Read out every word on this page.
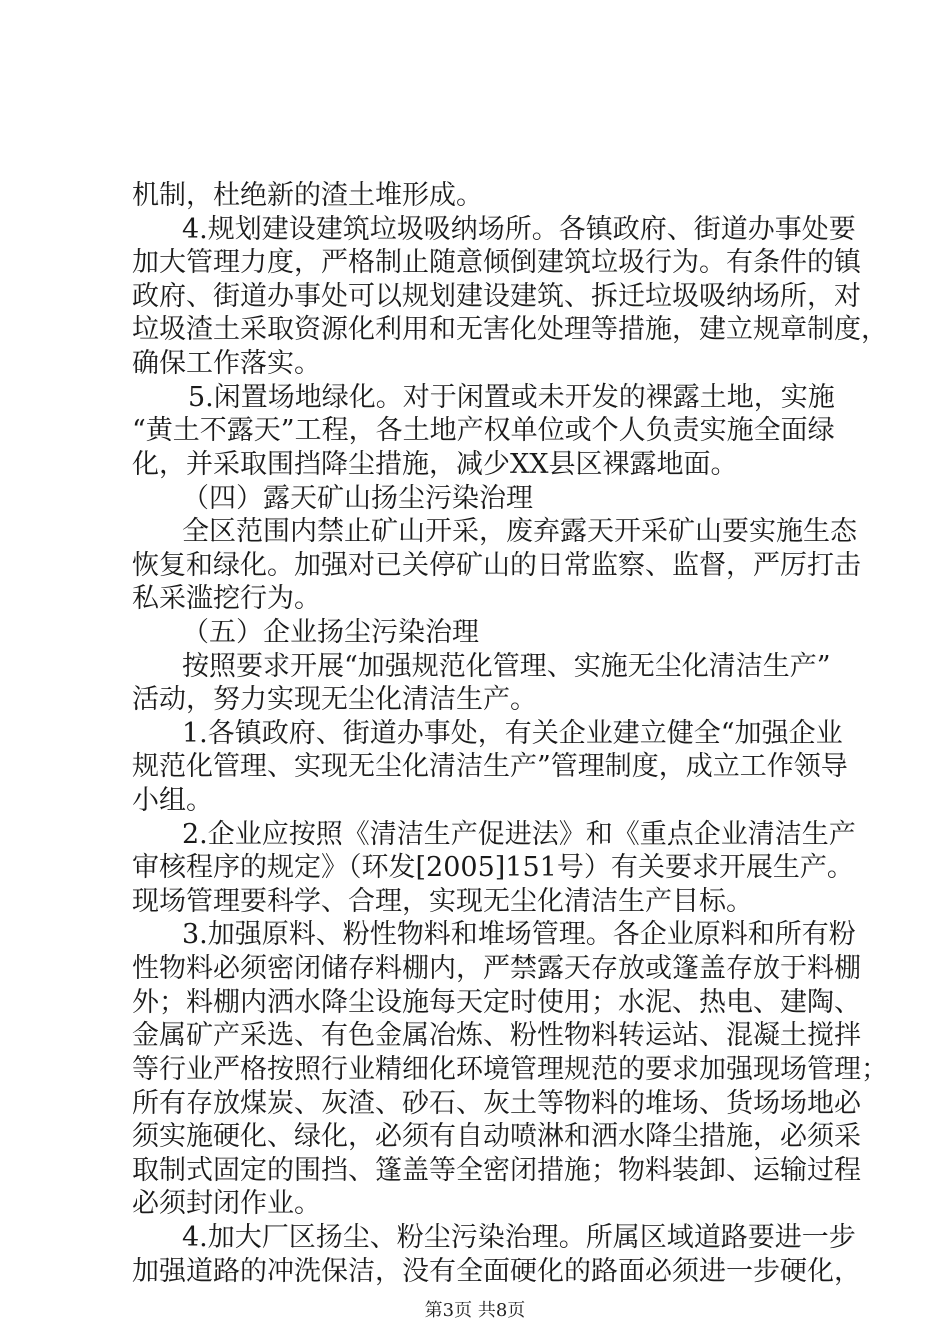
机制，杜绝新的渣土堆形成。
4.规划建设建筑垃圾吸纳场所。各镇政府、街道办事处要
加大管理力度，严格制止随意倾倒建筑垃圾行为。有条件的镇
政府、街道办事处可以规划建设建筑、拆迁垃圾吸纳场所，对
垃圾渣土采取资源化利用和无害化处理等措施，建立规章制度，
确保工作落实。
5.闲置场地绿化。对于闲置或未开发的裸露土地，实施
“黄土不露天”工程，各土地产权单位或个人负责实施全面绿
化，并采取围挡降尘措施，减少XX县区裸露地面。
（四）露天矿山扬尘污染治理
全区范围内禁止矿山开采，废弃露天开采矿山要实施生态
恢复和绿化。加强对已关停矿山的日常监察、监督，严厉打击
私采滥挖行为。
（五）企业扬尘污染治理
按照要求开展“加强规范化管理、实施无尘化清洁生产”
活动，努力实现无尘化清洁生产。
1.各镇政府、街道办事处，有关企业建立健全“加强企业
规范化管理、实现无尘化清洁生产”管理制度，成立工作领导
小组。
2.企业应按照《清洁生产促进法》和《重点企业清洁生产
审核程序的规定》（环发[2005]151号）有关要求开展生产。
现场管理要科学、合理，实现无尘化清洁生产目标。
3.加强原料、粉性物料和堆场管理。各企业原料和所有粉
性物料必须密闭储存料棚内，严禁露天存放或篷盖存放于料棚
外；料棚内洒水降尘设施每天定时使用；水泥、热电、建陶、
金属矿产采选、有色金属冶炼、粉性物料转运站、混凝土搅拌
等行业严格按照行业精细化环境管理规范的要求加强现场管理；
所有存放煤炭、灰渣、砂石、灰土等物料的堆场、货场场地必
须实施硬化、绿化，必须有自动喷淋和洒水降尘措施，必须采
取制式固定的围挡、篷盖等全密闭措施；物料装卸、运输过程
必须封闭作业。
4.加大厂区扬尘、粉尘污染治理。所属区域道路要进一步
加强道路的冲洗保洁，没有全面硬化的路面必须进一步硬化，
第3页 共8页
